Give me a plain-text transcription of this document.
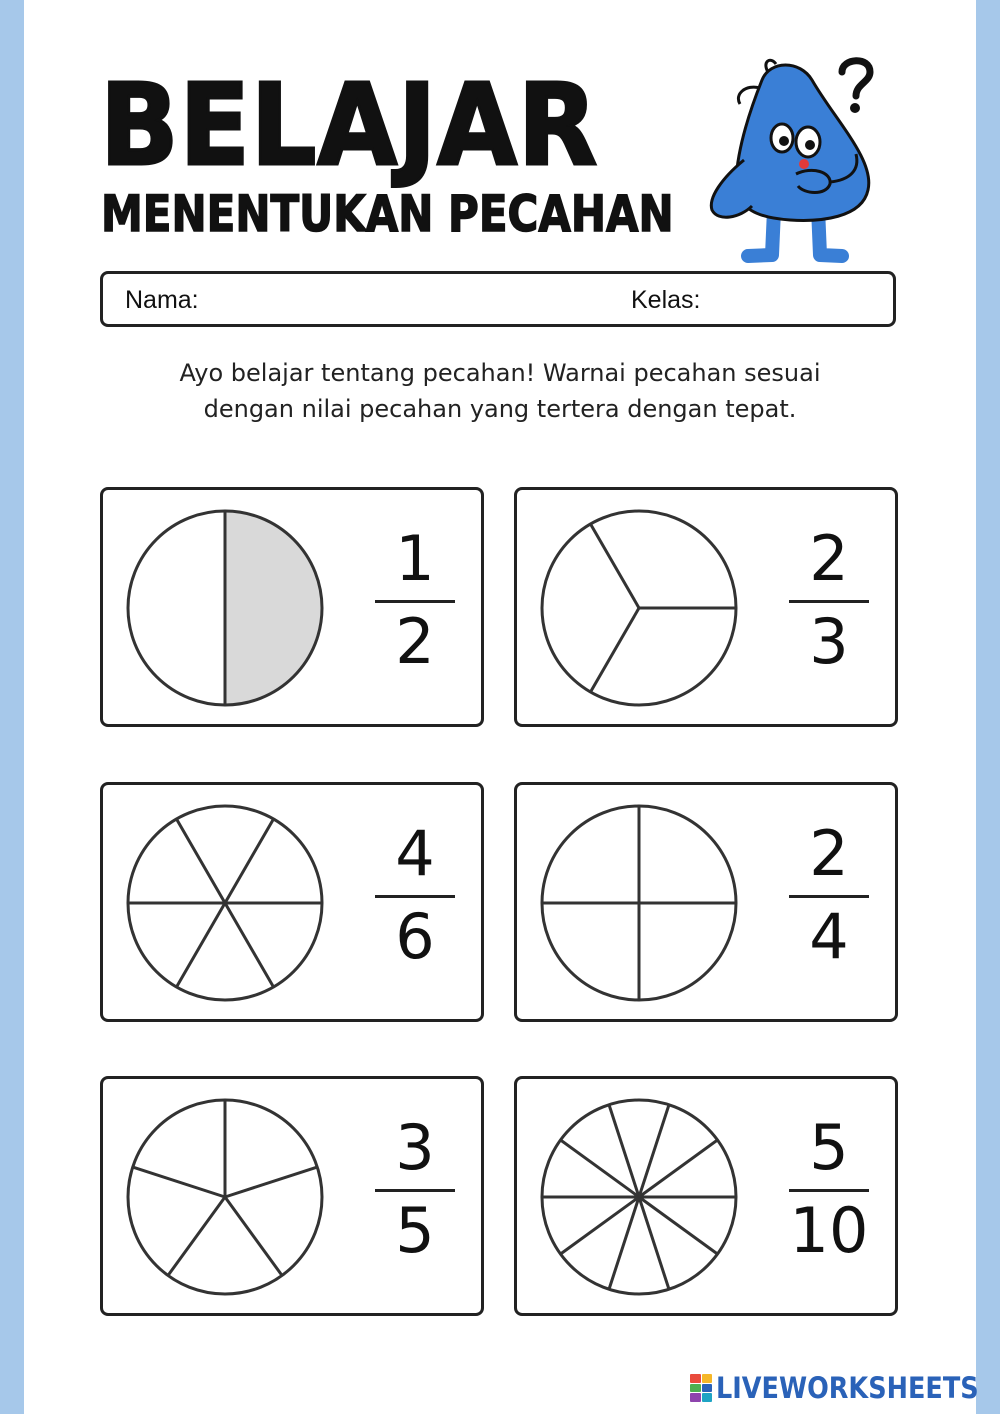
BELAJAR
MENENTUKAN PECAHAN
Nama:	Kelas:
Ayo belajar tentang pecahan! Warnai pecahan sesuai
dengan nilai pecahan yang tertera dengan tepat.
1
2
2
3
4
6
2
4
3
5
5
10
LIVEWORKSHEETS
